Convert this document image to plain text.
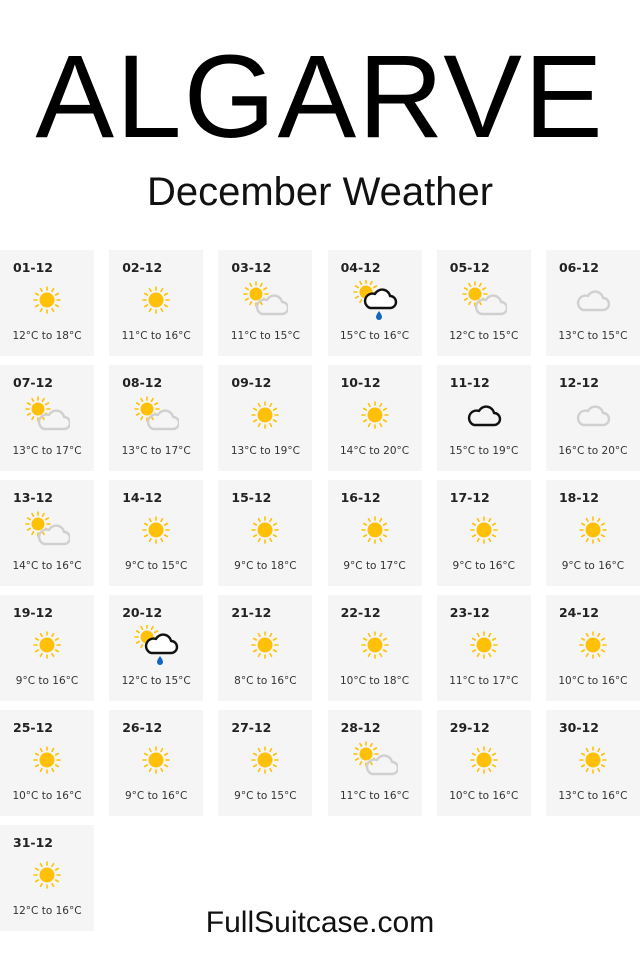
ALGARVE
December Weather
01-12
12°C to 18°C
02-12
11°C to 16°C
03-12
11°C to 15°C
04-12
15°C to 16°C
05-12
12°C to 15°C
06-12
13°C to 15°C
07-12
13°C to 17°C
08-12
13°C to 17°C
09-12
13°C to 19°C
10-12
14°C to 20°C
11-12
15°C to 19°C
12-12
16°C to 20°C
13-12
14°C to 16°C
14-12
9°C to 15°C
15-12
9°C to 18°C
16-12
9°C to 17°C
17-12
9°C to 16°C
18-12
9°C to 16°C
19-12
9°C to 16°C
20-12
12°C to 15°C
21-12
8°C to 16°C
22-12
10°C to 18°C
23-12
11°C to 17°C
24-12
10°C to 16°C
25-12
10°C to 16°C
26-12
9°C to 16°C
27-12
9°C to 15°C
28-12
11°C to 16°C
29-12
10°C to 16°C
30-12
13°C to 16°C
31-12
12°C to 16°C	FullSuitcase.com
